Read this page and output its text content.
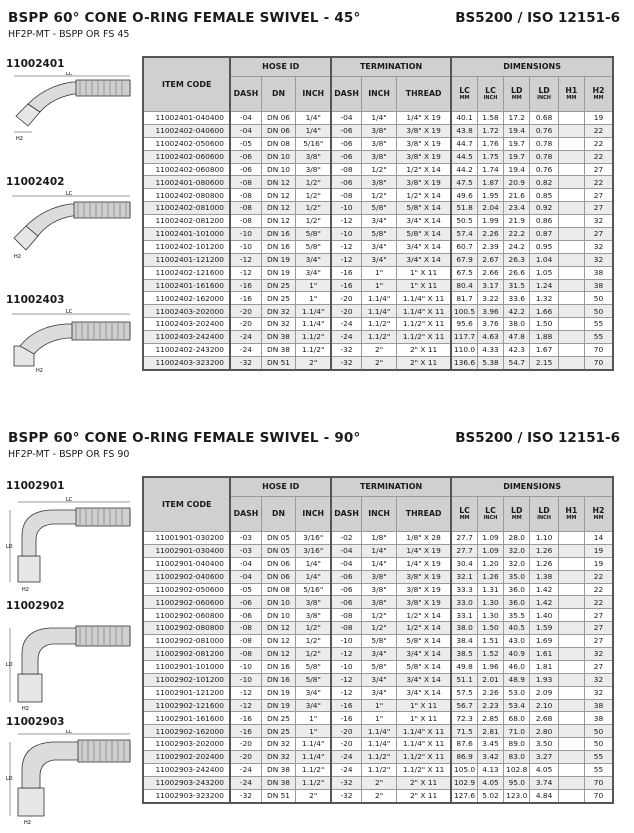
BSPP 60° CONE O-RING FEMALE SWIVEL - 45°	BS5200 / ISO 12151-6
HF2P-MT - BSPP OR FS 45
11002401
11002402
11002403
LC
H2
LC
H2
LC
H2
ITEM CODE	HOSE ID			TERMINATION			DIMENSIONS					
	DASH	DN	INCH	DASH	INCH	THREAD	LC
MM	LC
INCH	LD
MM	LD
INCH	H1
MM	H2
MM

11002401-040400	-04	DN 06	1/4"	-04	1/4"	1/4" X 19	40.1	1.58	17.2	0.68		19
11002402-040600	-04	DN 06	1/4"	-06	3/8"	3/8" X 19	43.8	1.72	19.4	0.76		22
11002402-050600	-05	DN 08	5/16"	-06	3/8"	3/8" X 19	44.7	1.76	19.7	0.78		22
11002402-060600	-06	DN 10	3/8"	-06	3/8"	3/8" X 19	44.5	1.75	19.7	0.78		22
11002402-060800	-06	DN 10	3/8"	-08	1/2"	1/2" X 14	44.2	1.74	19.4	0.76		27
11002401-080600	-08	DN 12	1/2"	-06	3/8"	3/8" X 19	47.5	1.87	20.9	0.82		22
11002402-080800	-08	DN 12	1/2"	-08	1/2"	1/2" X 14	49.6	1.95	21.6	0.85		27
11002402-081000	-08	DN 12	1/2"	-10	5/8"	5/8" X 14	51.8	2.04	23.4	0.92		27
11002402-081200	-08	DN 12	1/2"	-12	3/4"	3/4" X 14	50.5	1.99	21.9	0.86		32
11002401-101000	-10	DN 16	5/8"	-10	5/8"	5/8" X 14	57.4	2.26	22.2	0.87		27
11002402-101200	-10	DN 16	5/8"	-12	3/4"	3/4" X 14	60.7	2.39	24.2	0.95		32
11002401-121200	-12	DN 19	3/4"	-12	3/4"	3/4" X 14	67.9	2.67	26.3	1.04		32
11002402-121600	-12	DN 19	3/4"	-16	1"	1" X 11	67.5	2.66	26.6	1.05		38
11002401-161600	-16	DN 25	1"	-16	1"	1" X 11	80.4	3.17	31.5	1.24		38
11002402-162000	-16	DN 25	1"	-20	1.1/4"	1.1/4" X 11	81.7	3.22	33.6	1.32		50
11002403-202000	-20	DN 32	1.1/4"	-20	1.1/4"	1.1/4" X 11	100.5	3.96	42.2	1.66		50
11002403-202400	-20	DN 32	1.1/4"	-24	1.1/2"	1.1/2" X 11	95.6	3.76	38.0	1.50		55
11002403-242400	-24	DN 38	1.1/2"	-24	1.1/2"	1.1/2" X 11	117.7	4.63	47.8	1.88		55
11002402-243200	-24	DN 38	1.1/2"	-32	2"	2" X 11	110.0	4.33	42.3	1.67		70
11002403-323200	-32	DN 51	2"	-32	2"	2" X 11	136.6	5.38	54.7	2.15		70
BSPP 60° CONE O-RING FEMALE SWIVEL - 90°	BS5200 / ISO 12151-6
HF2P-MT - BSPP OR FS 90
11002901
11002902
11002903
LC
LD
H2
LD
H2
LC
LD
H2
ITEM CODE	HOSE ID			TERMINATION			DIMENSIONS					
	DASH	DN	INCH	DASH	INCH	THREAD	LC
MM	LC
INCH	LD
MM	LD
INCH	H1
MM	H2
MM

11001901-030200	-03	DN 05	3/16"	-02	1/8"	1/8" X 28	27.7	1.09	28.0	1.10		14
11002901-030400	-03	DN 05	3/16"	-04	1/4"	1/4" X 19	27.7	1.09	32.0	1.26		19
11002901-040400	-04	DN 06	1/4"	-04	1/4"	1/4" X 19	30.4	1.20	32.0	1.26		19
11002902-040600	-04	DN 06	1/4"	-06	3/8"	3/8" X 19	32.1	1.26	35.0	1.38		22
11002902-050600	-05	DN 08	5/16"	-06	3/8"	3/8" X 19	33.3	1.31	36.0	1.42		22
11002902-060600	-06	DN 10	3/8"	-06	3/8"	3/8" X 19	33.0	1.30	36.0	1.42		22
11002902-060800	-06	DN 10	3/8"	-08	1/2"	1/2" X 14	33.1	1.30	35.5	1.40		27
11002902-080800	-08	DN 12	1/2"	-08	1/2"	1/2" X 14	38.0	1.50	40.5	1.59		27
11002902-081000	-08	DN 12	1/2"	-10	5/8"	5/8" X 14	38.4	1.51	43.0	1.69		27
11002902-081200	-08	DN 12	1/2"	-12	3/4"	3/4" X 14	38.5	1.52	40.9	1.61		32
11002901-101000	-10	DN 16	5/8"	-10	5/8"	5/8" X 14	49.8	1.96	46.0	1.81		27
11002902-101200	-10	DN 16	5/8"	-12	3/4"	3/4" X 14	51.1	2.01	48.9	1.93		32
11002901-121200	-12	DN 19	3/4"	-12	3/4"	3/4" X 14	57.5	2.26	53.0	2.09		32
11002902-121600	-12	DN 19	3/4"	-16	1"	1" X 11	56.7	2.23	53.4	2.10		38
11002901-161600	-16	DN 25	1"	-16	1"	1" X 11	72.3	2.85	68.0	2.68		38
11002902-162000	-16	DN 25	1"	-20	1.1/4"	1.1/4" X 11	71.5	2.81	71.0	2.80		50
11002903-202000	-20	DN 32	1.1/4"	-20	1.1/4"	1.1/4" X 11	87.6	3.45	89.0	3.50		50
11002902-202400	-20	DN 32	1.1/4"	-24	1.1/2"	1.1/2" X 11	86.9	3.42	83.0	3.27		55
11002903-242400	-24	DN 38	1.1/2"	-24	1.1/2"	1.1/2" X 11	105.0	4.13	102.8	4.05		55
11002903-243200	-24	DN 38	1.1/2"	-32	2"	2" X 11	102.9	4.05	95.0	3.74		70
11002903-323200	-32	DN 51	2"	-32	2"	2" X 11	127.6	5.02	123.0	4.84		70
